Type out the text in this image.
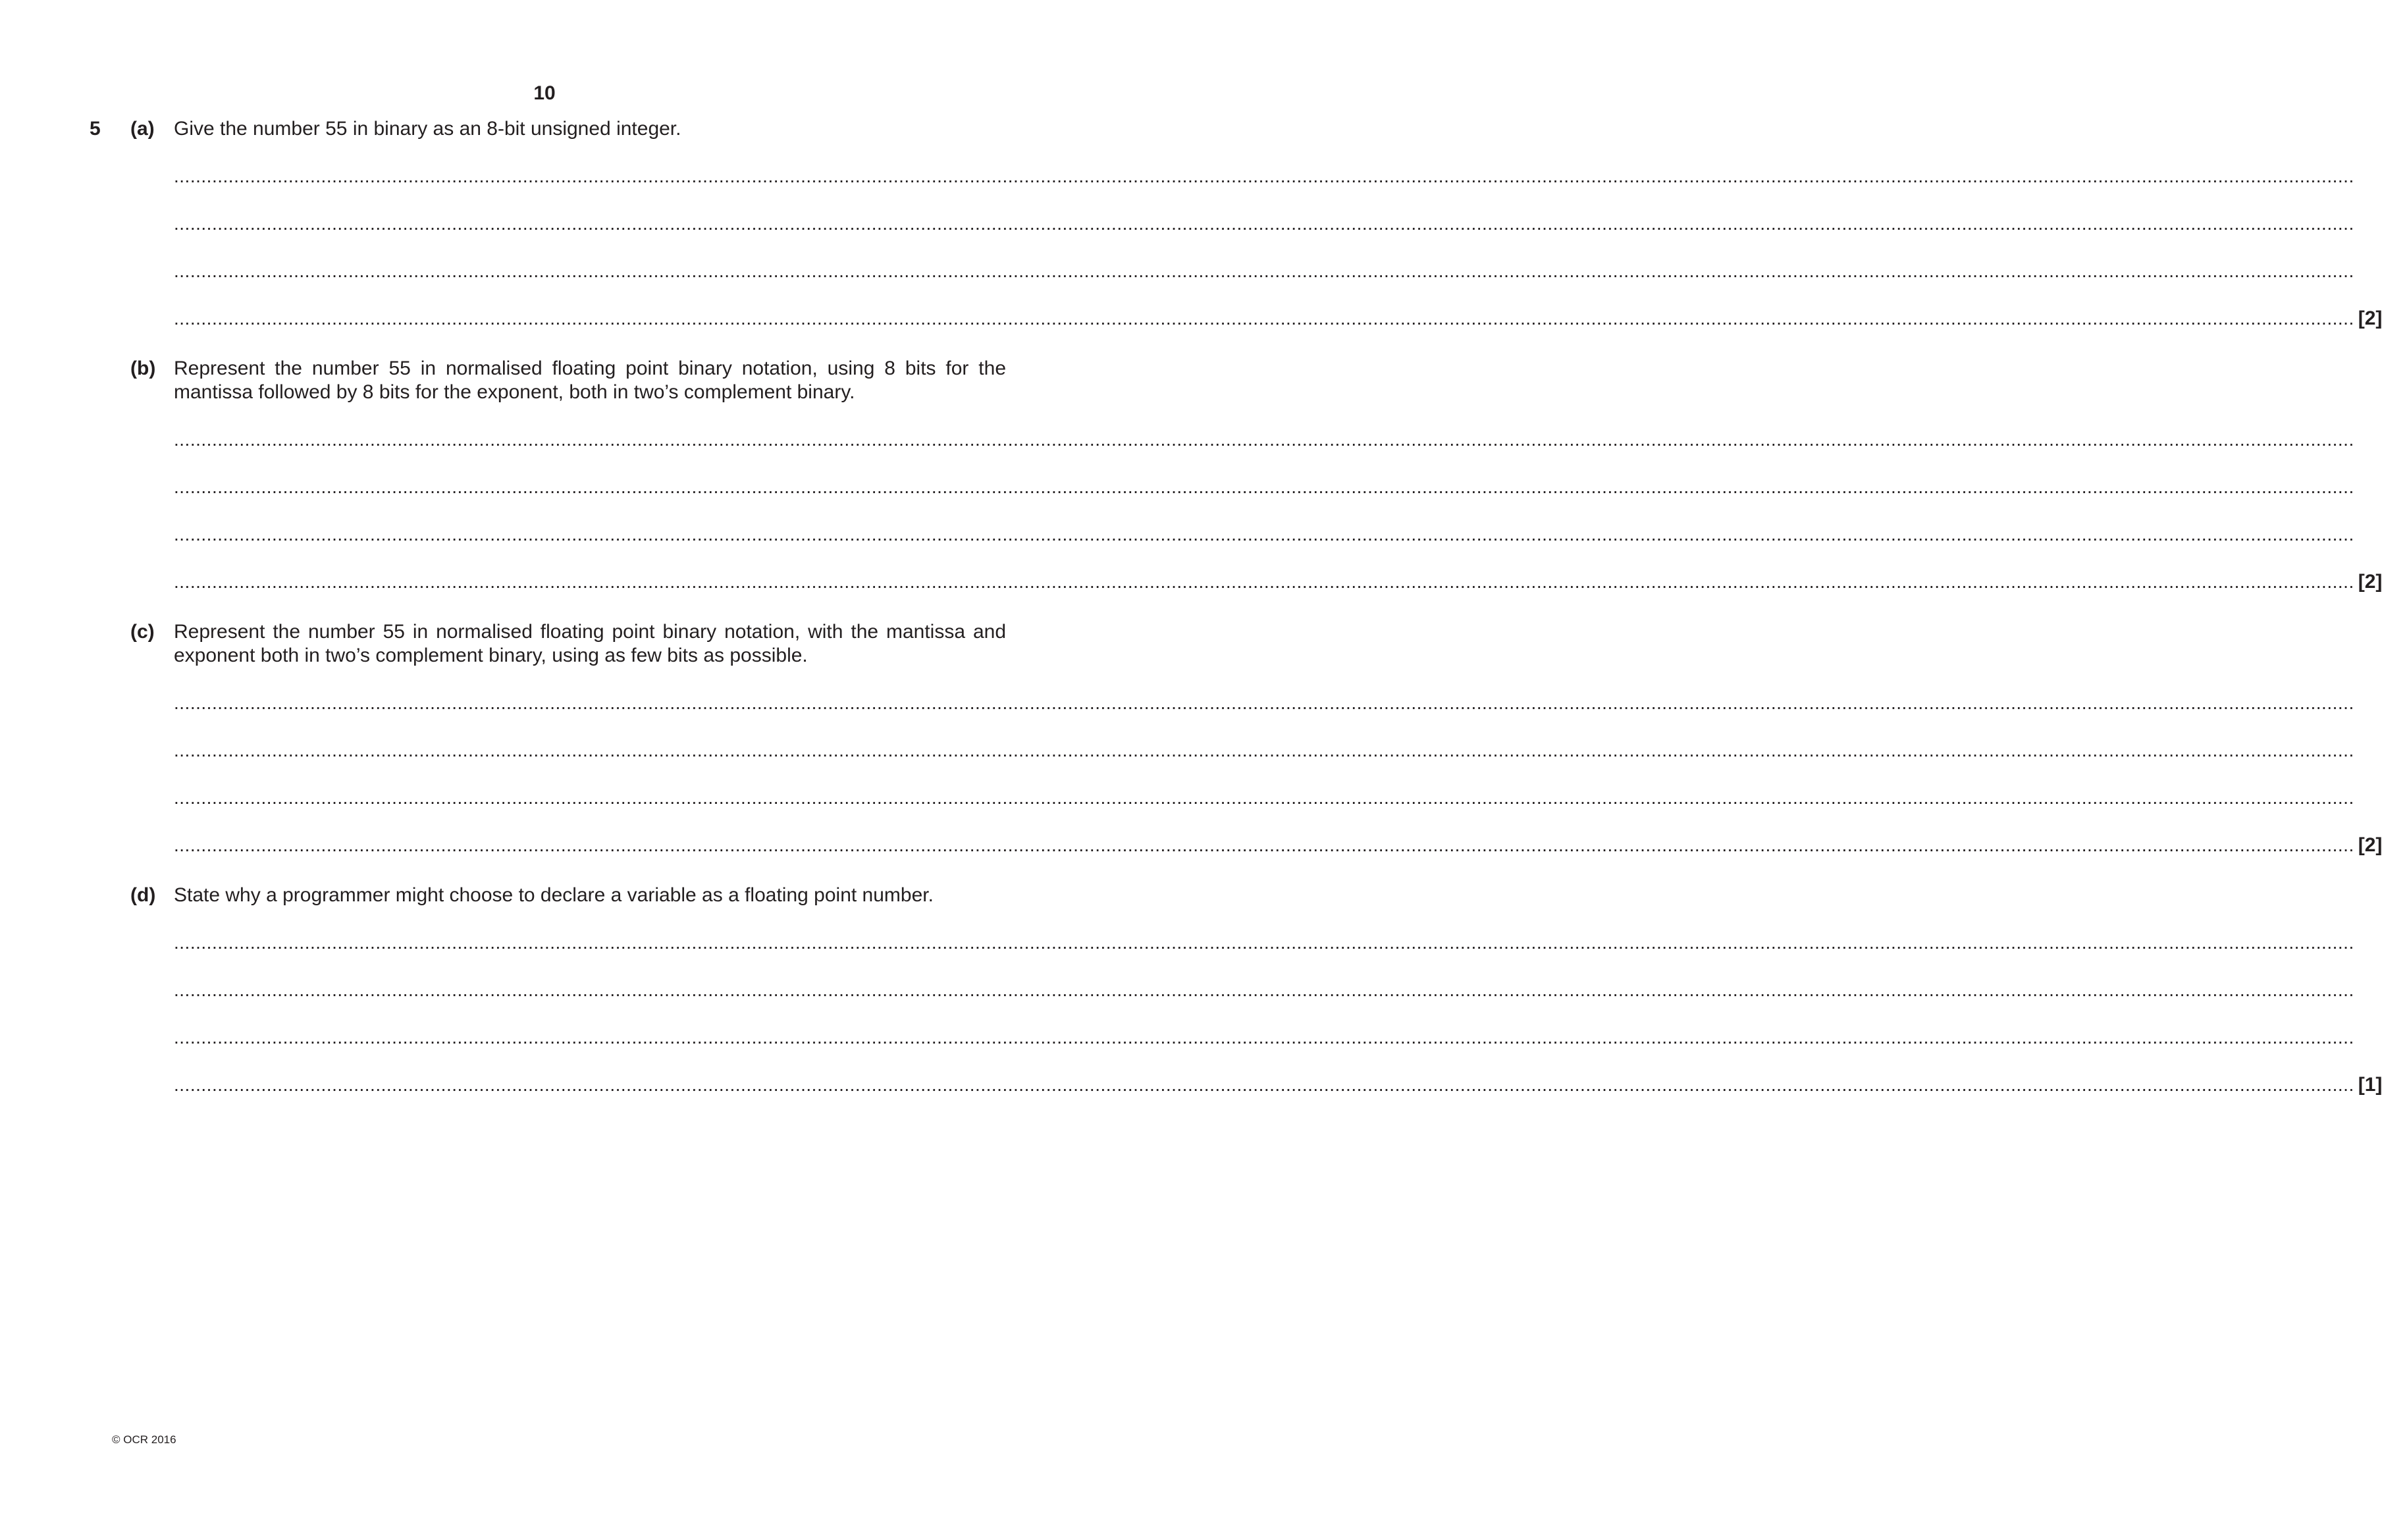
10
5 (a) Give the number 55 in binary as an 8-bit unsigned integer.
................................................................................................................................................................................................................................................................................................................................................................................................................
................................................................................................................................................................................................................................................................................................................................................................................................................
................................................................................................................................................................................................................................................................................................................................................................................................................
................................................................................................................................................................................................................................................................................................................................................................................................................ [2]
(b) Represent the number 55 in normalised floating point binary notation, using 8 bits for the mantissa followed by 8 bits for the exponent, both in two’s complement binary.
................................................................................................................................................................................................................................................................................................................................................................................................................
................................................................................................................................................................................................................................................................................................................................................................................................................
................................................................................................................................................................................................................................................................................................................................................................................................................
................................................................................................................................................................................................................................................................................................................................................................................................................ [2]
(c) Represent the number 55 in normalised floating point binary notation, with the mantissa and exponent both in two’s complement binary, using as few bits as possible.
................................................................................................................................................................................................................................................................................................................................................................................................................
................................................................................................................................................................................................................................................................................................................................................................................................................
................................................................................................................................................................................................................................................................................................................................................................................................................
................................................................................................................................................................................................................................................................................................................................................................................................................ [2]
(d) State why a programmer might choose to declare a variable as a floating point number.
................................................................................................................................................................................................................................................................................................................................................................................................................
................................................................................................................................................................................................................................................................................................................................................................................................................
................................................................................................................................................................................................................................................................................................................................................................................................................
................................................................................................................................................................................................................................................................................................................................................................................................................ [1]
© OCR 2016
